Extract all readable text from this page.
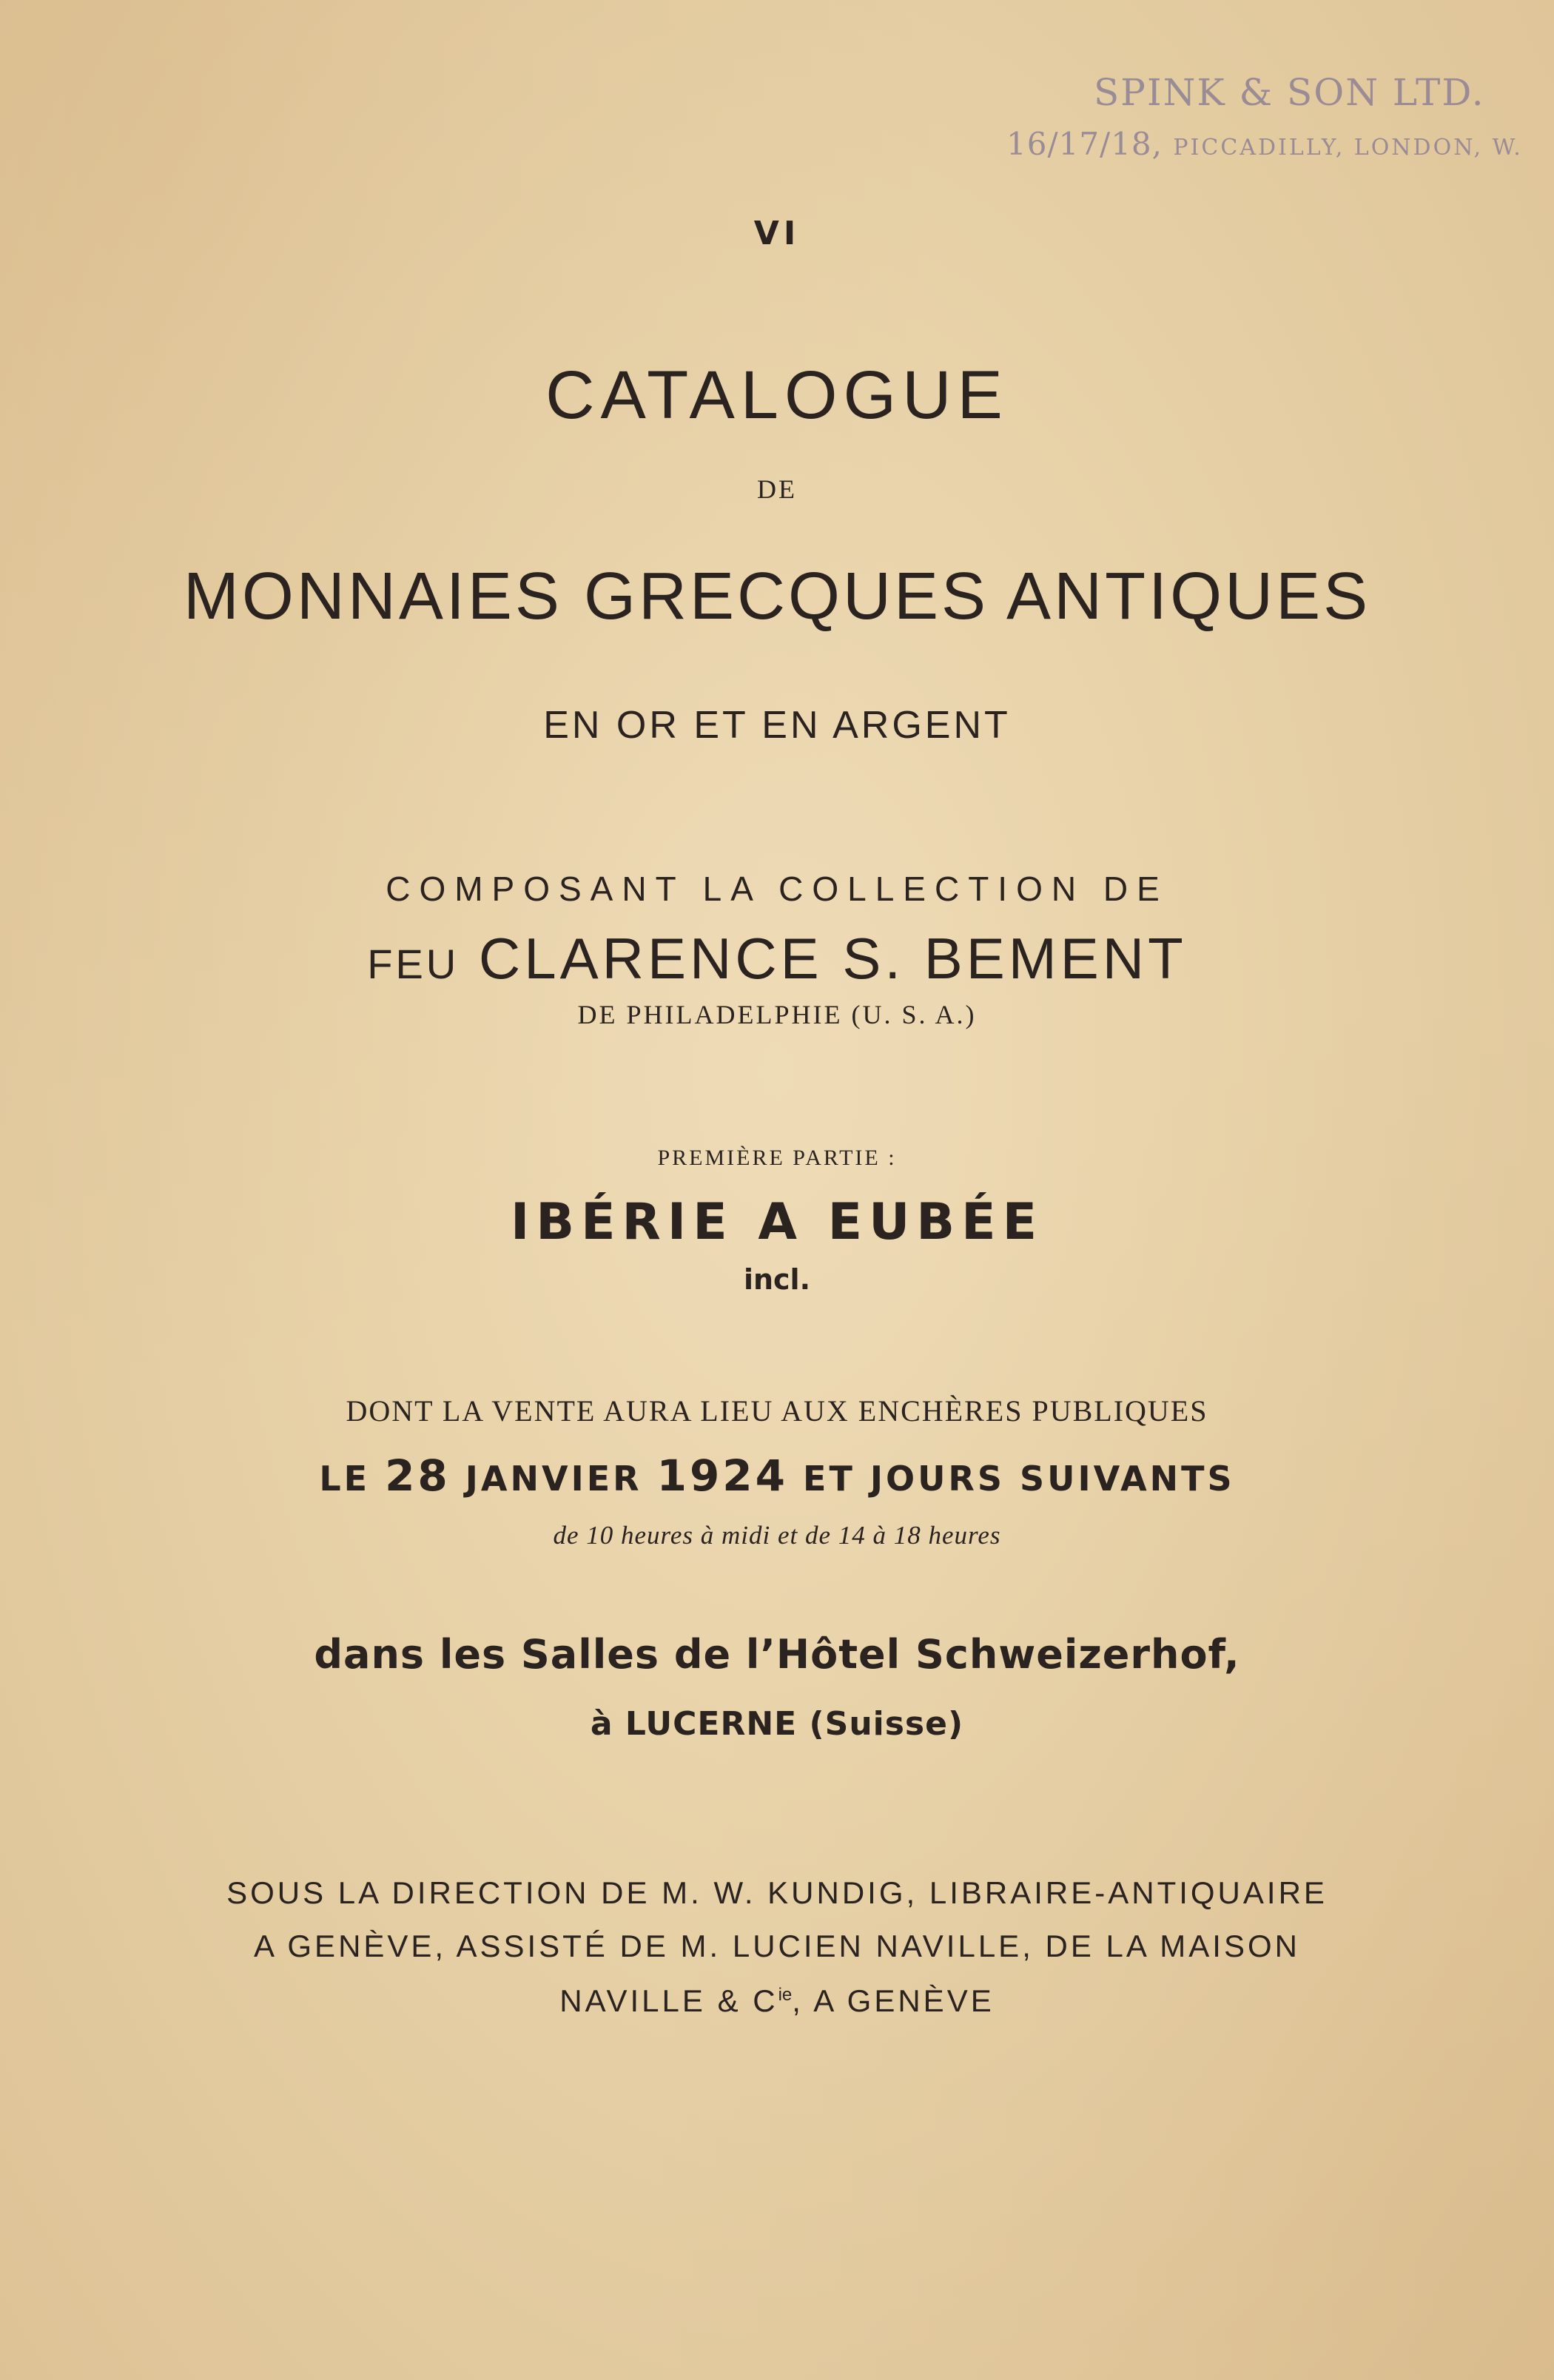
SPINK & SON LTD.
16/17/18, PICCADILLY, LONDON, W.

VI

CATALOGUE

DE

MONNAIES GRECQUES ANTIQUES

EN OR ET EN ARGENT

COMPOSANT LA COLLECTION DE

FEU CLARENCE S. BEMENT

DE PHILADELPHIE (U. S. A.)

PREMIÈRE PARTIE :

IBÉRIE A EUBÉE

incl.

DONT LA VENTE AURA LIEU AUX ENCHÈRES PUBLIQUES

LE 28 JANVIER 1924 ET JOURS SUIVANTS

de 10 heures à midi et de 14 à 18 heures

dans les Salles de l’Hôtel Schweizerhof,

à LUCERNE (Suisse)

SOUS LA DIRECTION DE M. W. KUNDIG, LIBRAIRE-ANTIQUAIRE

A GENÈVE, ASSISTÉ DE M. LUCIEN NAVILLE, DE LA MAISON

NAVILLE & $C^{ie}$, A GENÈVE
